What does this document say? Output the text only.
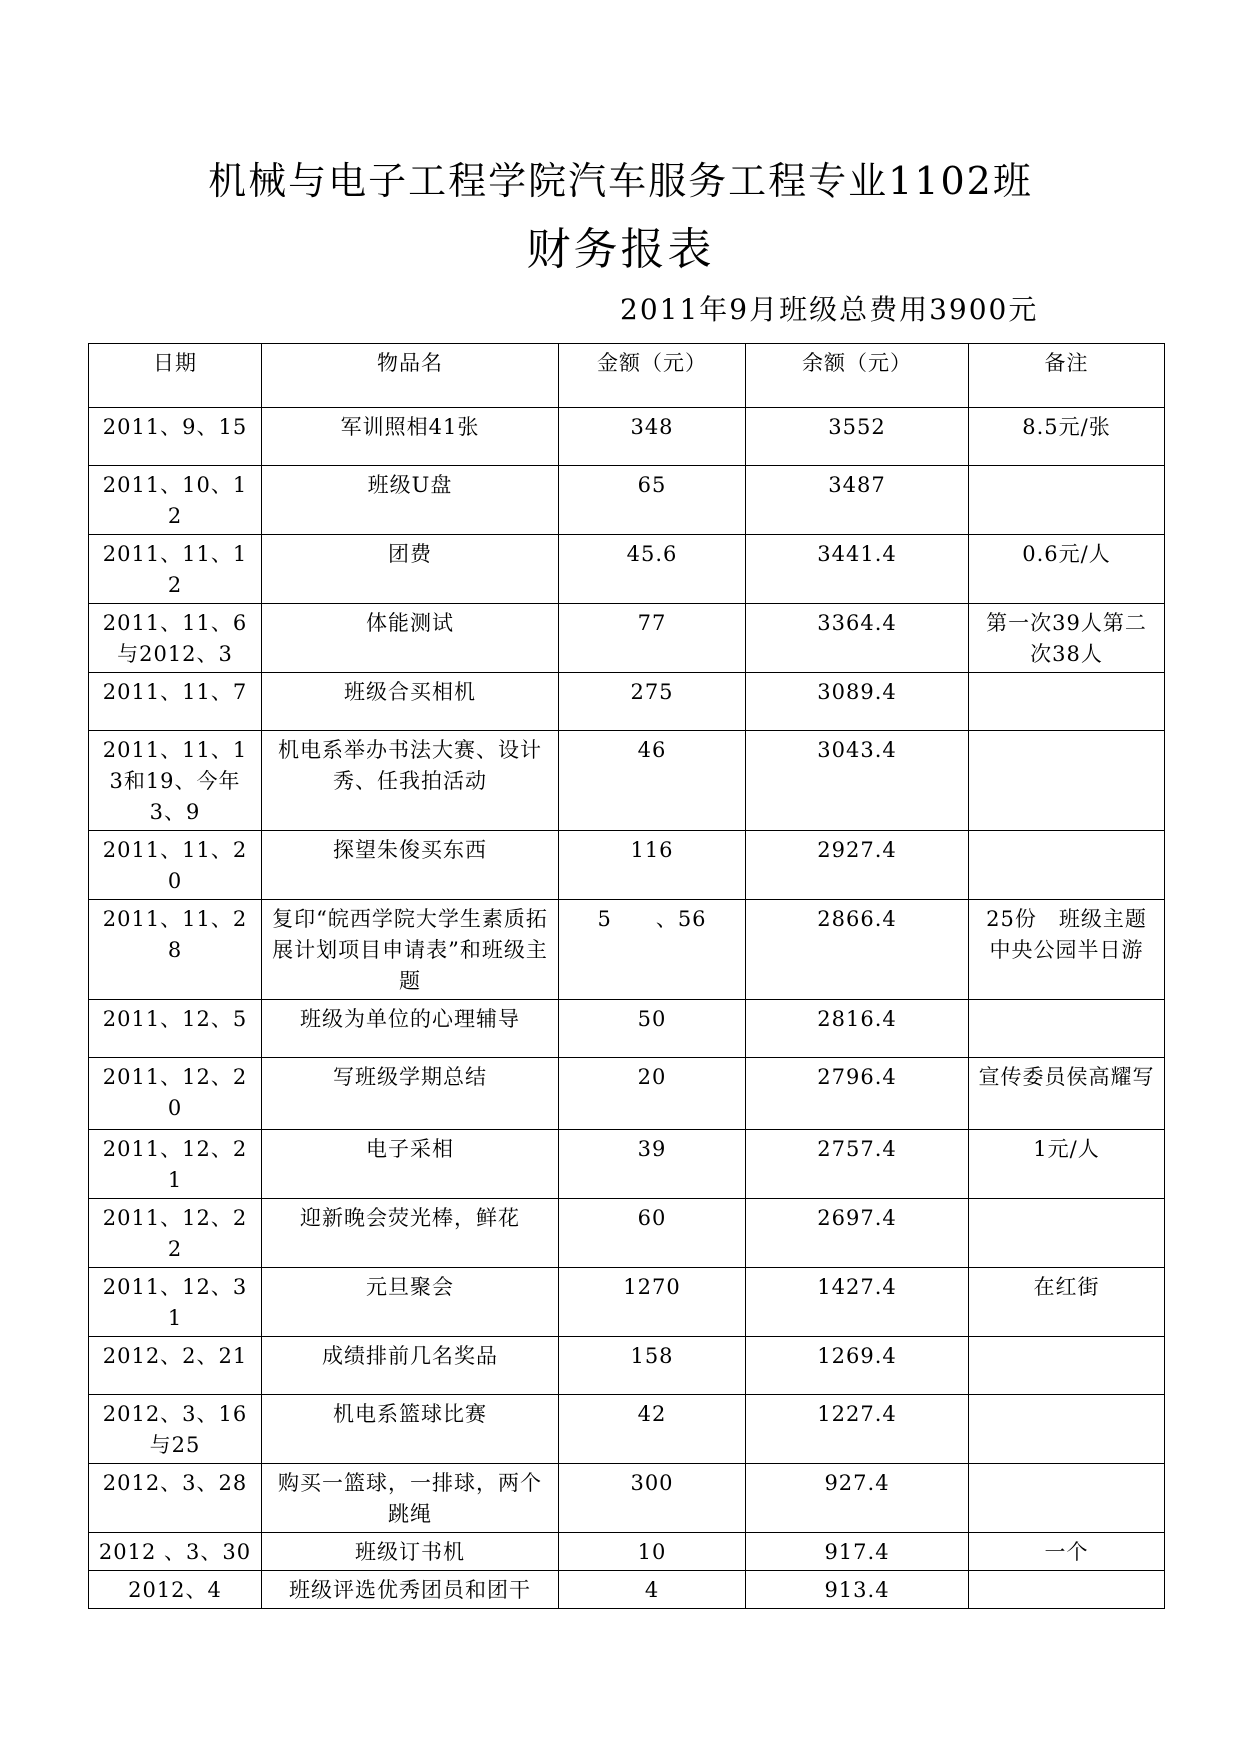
机械与电子工程学院汽车服务工程专业1102班
财务报表
2011年9月班级总费用3900元
日期	物品名	金额（元）	余额（元）	备注
2011、9、15	军训照相41张	348	3552	8.5元/张
2011、10、12	班级U盘	65	3487	
2011、11、12	团费	45.6	3441.4	0.6元/人
2011、11、6与2012、3	体能测试	77	3364.4	第一次39人第二次38人
2011、11、7	班级合买相机	275	3089.4	
2011、11、13和19、今年3、9	机电系举办书法大赛、设计秀、任我拍活动	46	3043.4	
2011、11、20	探望朱俊买东西	116	2927.4	
2011、11、28	复印“皖西学院大学生素质拓展计划项目申请表”和班级主题	5　　、56	2866.4	25份　班级主题 中央公园半日游
2011、12、5	班级为单位的心理辅导	50	2816.4	
2011、12、20	写班级学期总结	20	2796.4	宣传委员侯高耀写
2011、12、21	电子采相	39	2757.4	1元/人
2011、12、22	迎新晚会荧光棒，鲜花	60	2697.4	
2011、12、31	元旦聚会	1270	1427.4	在红街
2012、2、21	成绩排前几名奖品	158	1269.4	
2012、3、16与25	机电系篮球比赛	42	1227.4	
2012、3、28	购买一篮球，一排球，两个跳绳	300	927.4	
2012 、3、30	班级订书机	10	917.4	一个
2012、4	班级评选优秀团员和团干	4	913.4	
